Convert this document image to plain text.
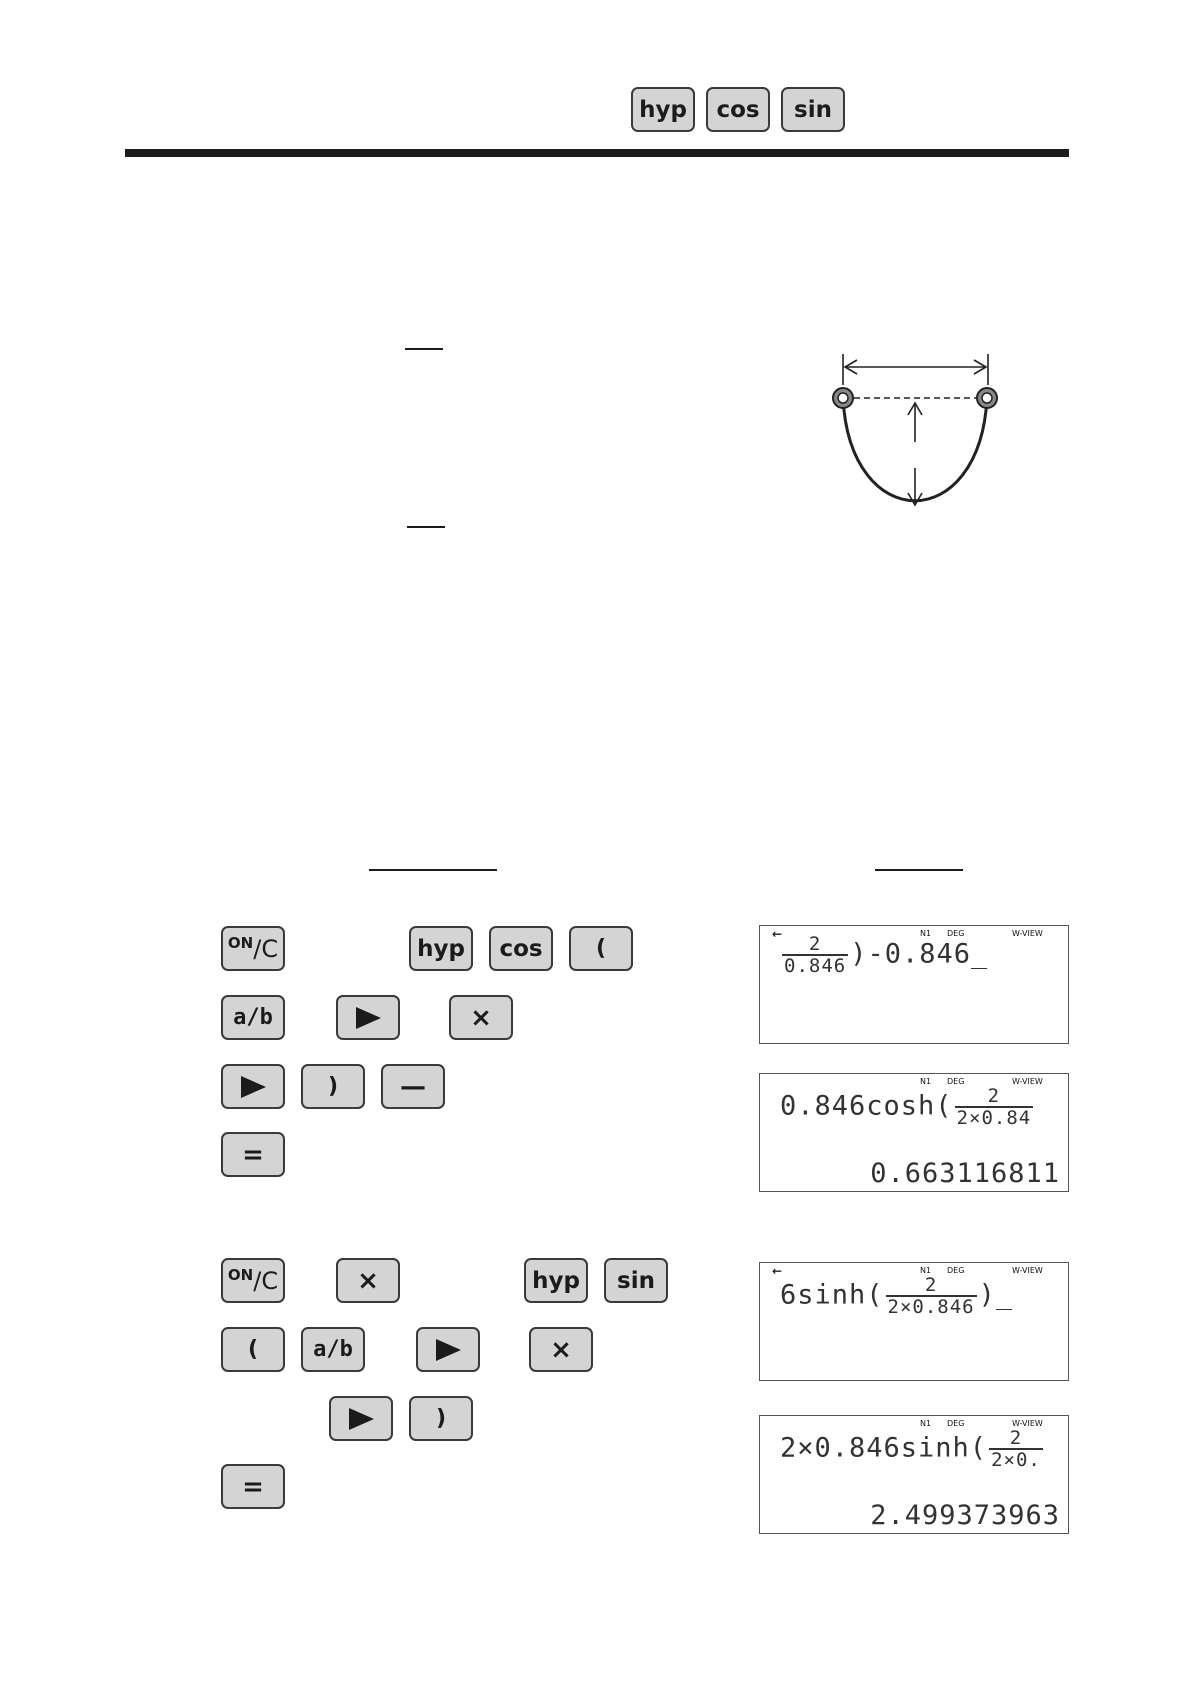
hyp	cos	sin
ON / C	hyp	cos	(
a/b	×
)	—
=
ON / C	×	hyp	sin
(	a/b	×
)
=
←	N1 DEG	W-VIEW
$\frac{2}{0.846}$ )-0.846_
N1 DEG	W-VIEW
$0.846\cosh( \frac{2}{2\times 0.84}$
0.663116811
←	N1 DEG	W-VIEW
$6\sinh( \frac{2}{2\times 0.846}$ )_
N1 DEG	W-VIEW
$2\times 0.846\sinh( \frac{2}{2\times 0.}$
2.499373963
